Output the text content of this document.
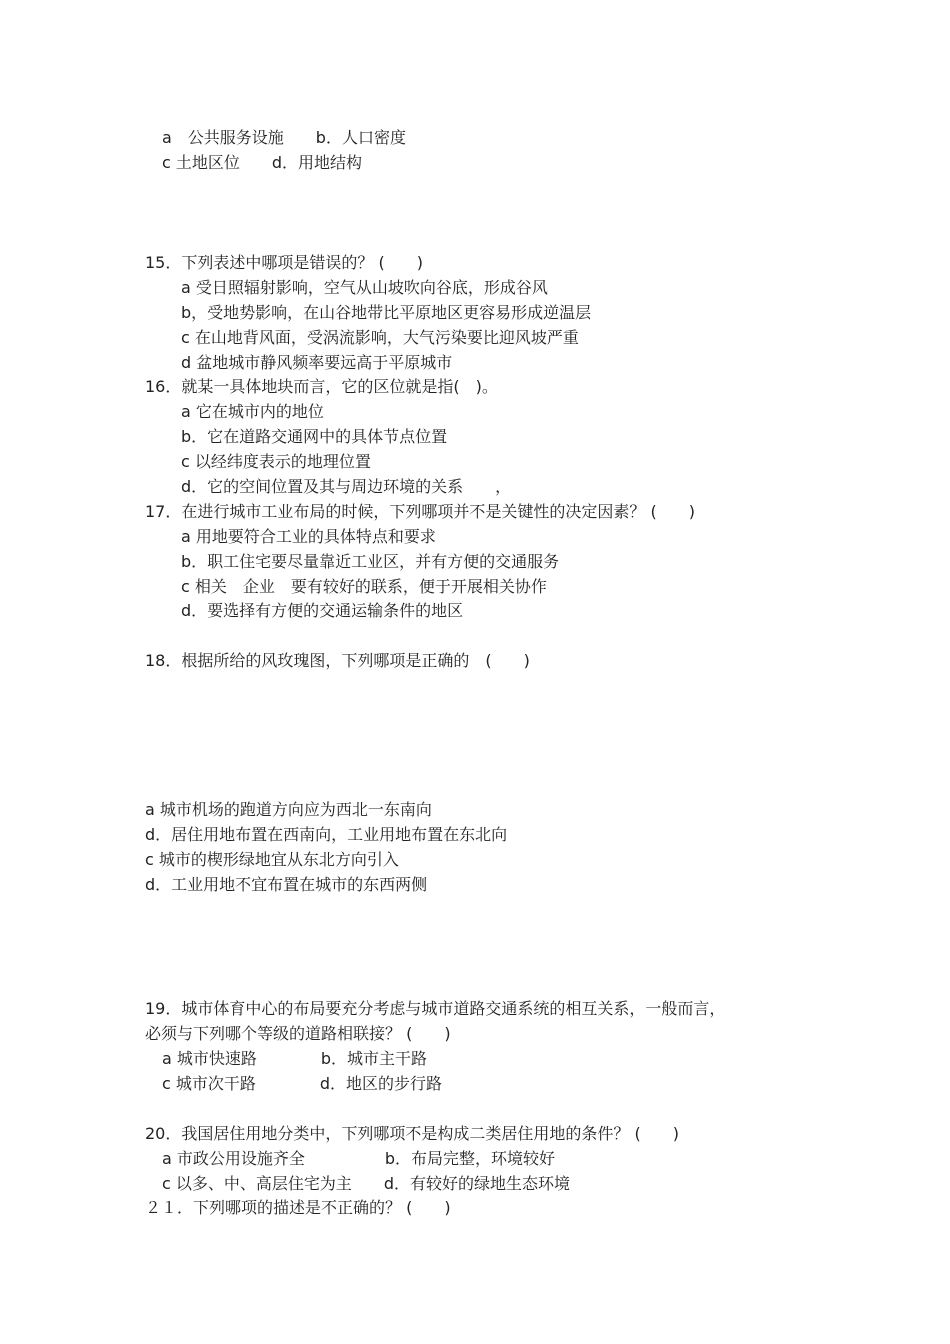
a　公共服务设施　　b．人口密度
c 土地区位　　d．用地结构
15．下列表述中哪项是错误的？ (　　)
a 受日照辐射影响，空气从山坡吹向谷底，形成谷风
b，受地势影响，在山谷地带比平原地区更容易形成逆温层
c 在山地背风面，受涡流影响，大气污染要比迎风坡严重
d 盆地城市静风频率要远高于平原城市
16．就某一具体地块而言，它的区位就是指(　)。
a 它在城市内的地位
b．它在道路交通网中的具体节点位置
c 以经纬度表示的地理位置
d．它的空间位置及其与周边环境的关系　　，
17．在进行城市工业布局的时候，下列哪项并不是关键性的决定因素？ (　　)
a 用地要符合工业的具体特点和要求
b．职工住宅要尽量靠近工业区，并有方便的交通服务
c 相关　企业　要有较好的联系，便于开展相关协作
d．要选择有方便的交通运输条件的地区
18．根据所给的风玫瑰图，下列哪项是正确的　(　　)
a 城市机场的跑道方向应为西北一东南向
d．居住用地布置在西南向，工业用地布置在东北向
c 城市的楔形绿地宜从东北方向引入
d．工业用地不宜布置在城市的东西两侧
19．城市体育中心的布局要充分考虑与城市道路交通系统的相互关系，一般而言，
必须与下列哪个等级的道路相联接？ (　　)
a 城市快速路　　　　b．城市主干路
c 城市次干路　　　　d．地区的步行路
20．我国居住用地分类中，下列哪项不是构成二类居住用地的条件？ (　　)
a 市政公用设施齐全　　　　　b．布局完整，环境较好
c 以多、中、高层住宅为主　　d．有较好的绿地生态环境
２１．下列哪项的描述是不正确的？ (　　)
